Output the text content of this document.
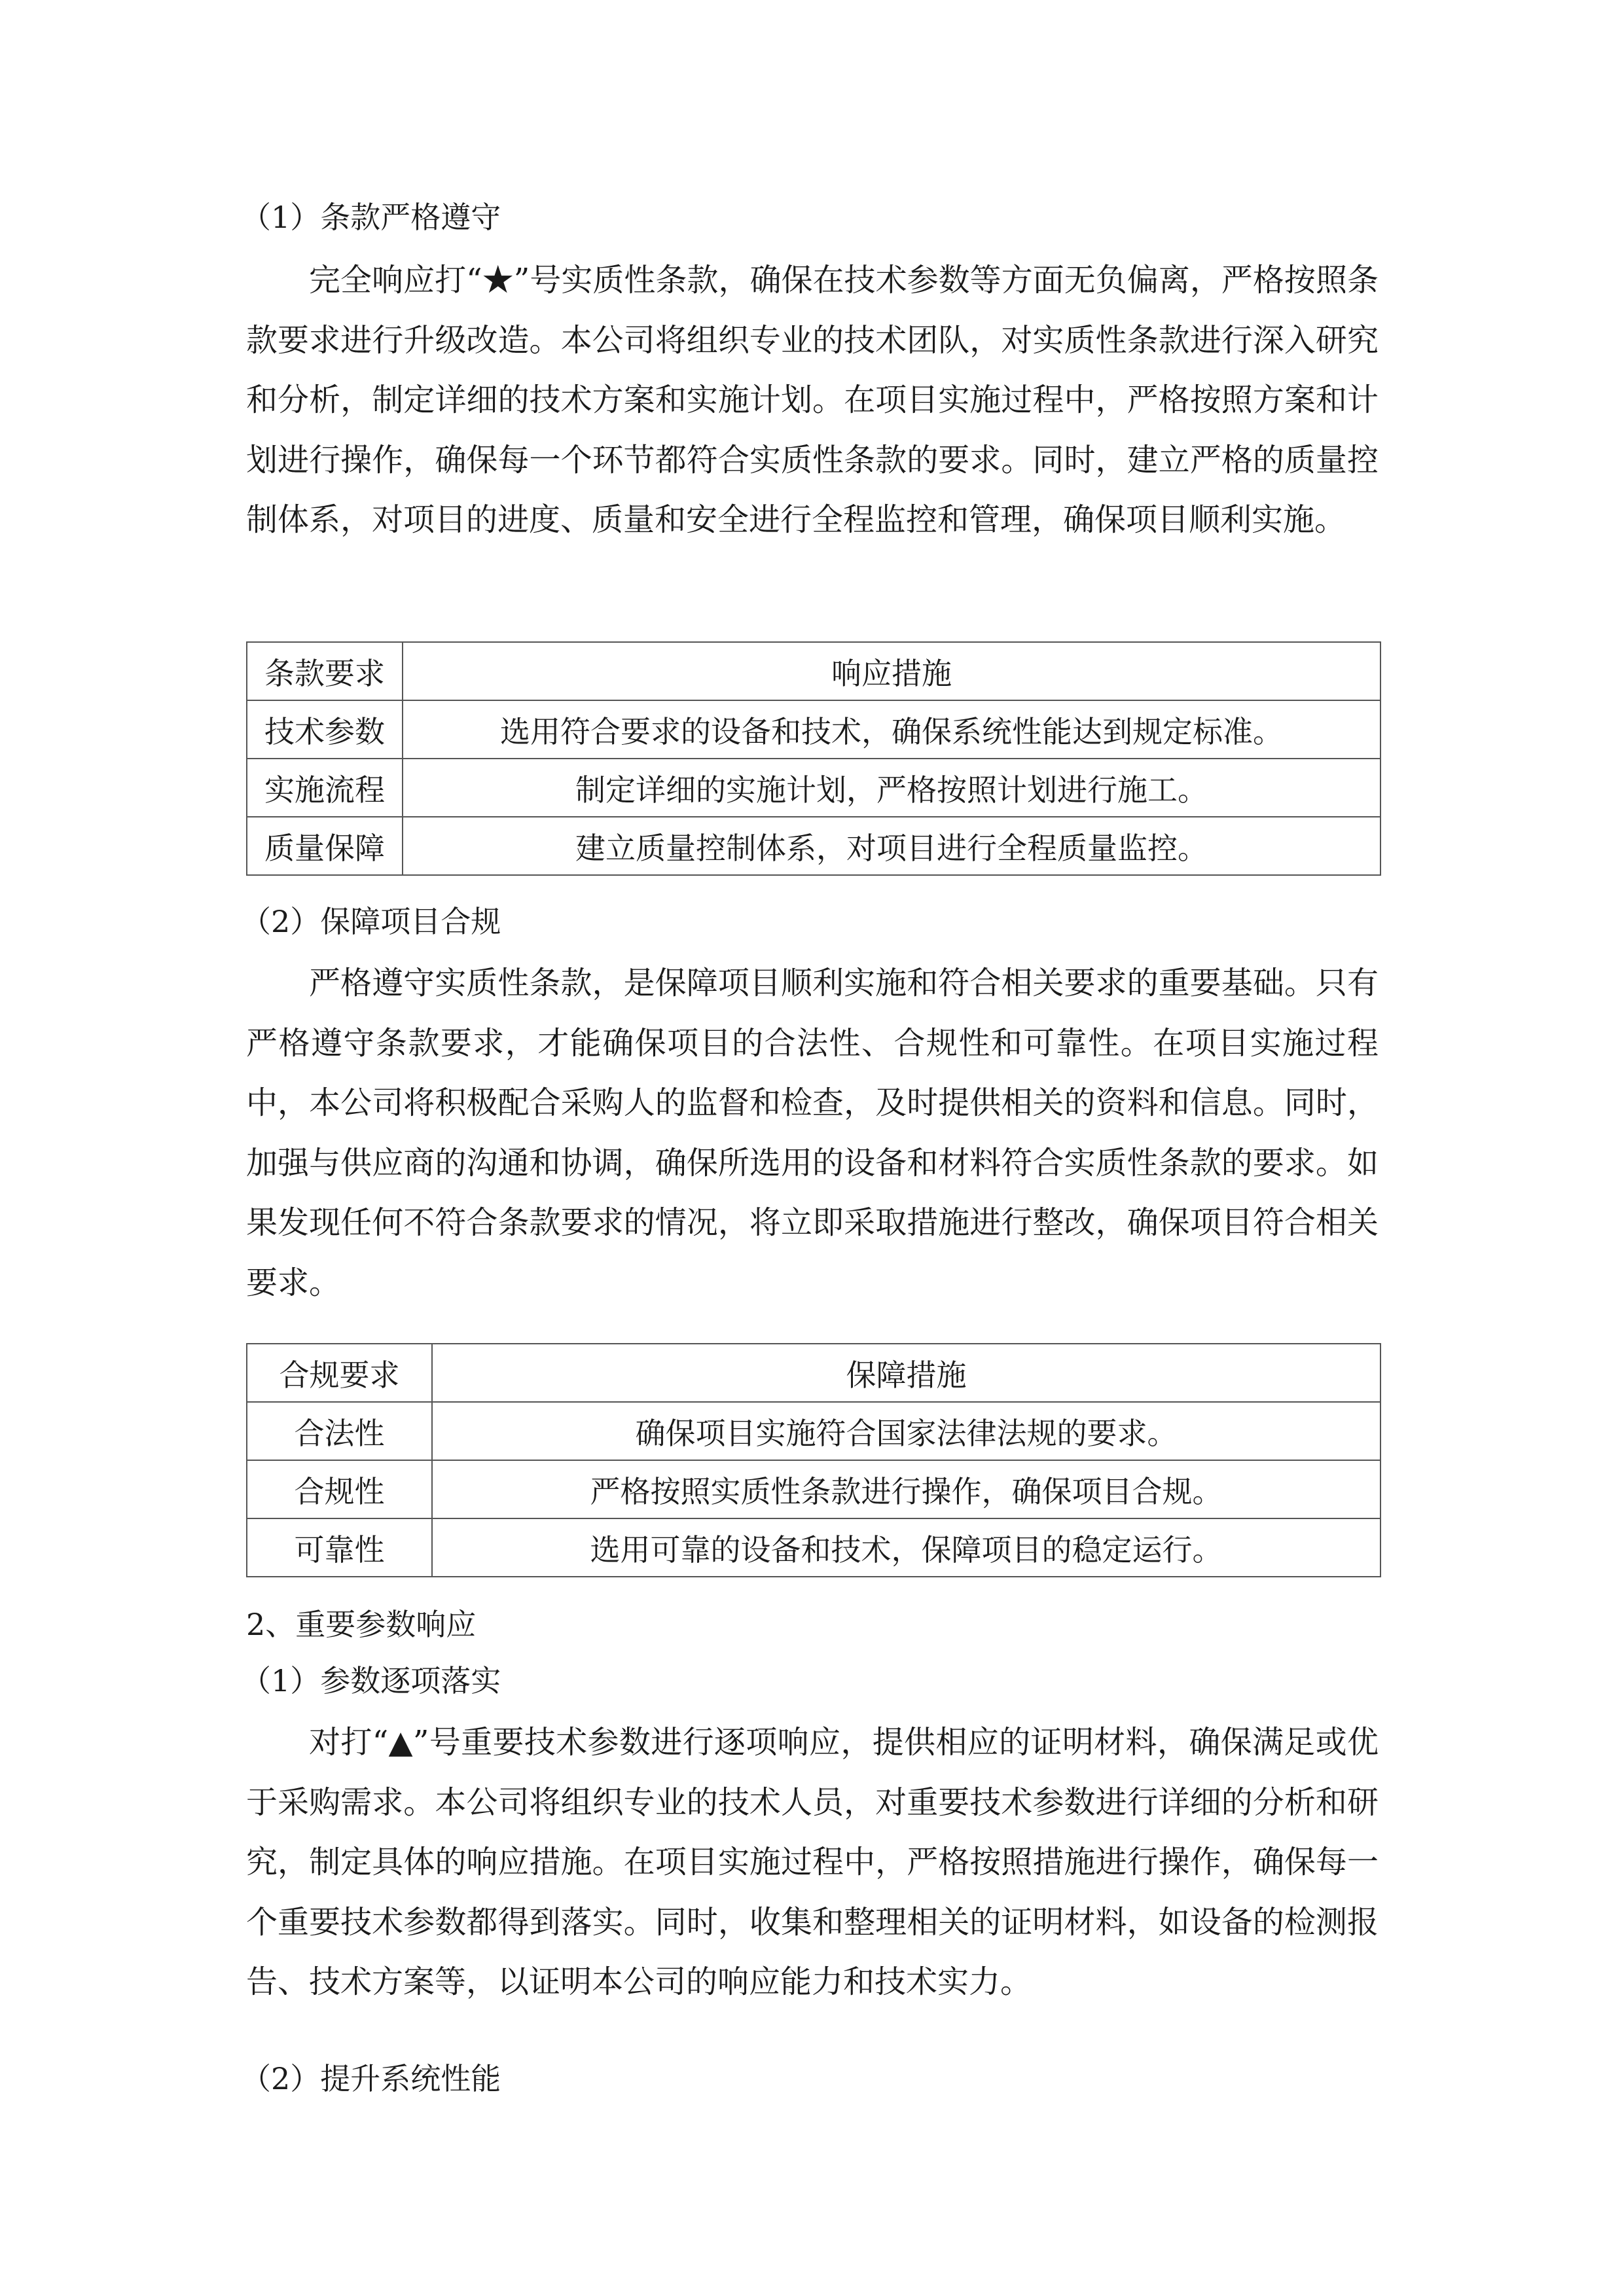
（1）条款严格遵守
完全响应打“★”号实质性条款，确保在技术参数等方面无负偏离，严格按照条款要求进行升级改造。本公司将组织专业的技术团队，对实质性条款进行深入研究和分析，制定详细的技术方案和实施计划。在项目实施过程中，严格按照方案和计划进行操作，确保每一个环节都符合实质性条款的要求。同时，建立严格的质量控制体系，对项目的进度、质量和安全进行全程监控和管理，确保项目顺利实施。
条款要求	响应措施
技术参数	选用符合要求的设备和技术，确保系统性能达到规定标准。
实施流程	制定详细的实施计划，严格按照计划进行施工。
质量保障	建立质量控制体系，对项目进行全程质量监控。
（2）保障项目合规
严格遵守实质性条款，是保障项目顺利实施和符合相关要求的重要基础。只有严格遵守条款要求，才能确保项目的合法性、合规性和可靠性。在项目实施过程中，本公司将积极配合采购人的监督和检查，及时提供相关的资料和信息。同时，加强与供应商的沟通和协调，确保所选用的设备和材料符合实质性条款的要求。如果发现任何不符合条款要求的情况，将立即采取措施进行整改，确保项目符合相关要求。
合规要求	保障措施
合法性	确保项目实施符合国家法律法规的要求。
合规性	严格按照实质性条款进行操作，确保项目合规。
可靠性	选用可靠的设备和技术，保障项目的稳定运行。
2、重要参数响应
（1）参数逐项落实
对打“▲”号重要技术参数进行逐项响应，提供相应的证明材料，确保满足或优于采购需求。本公司将组织专业的技术人员，对重要技术参数进行详细的分析和研究，制定具体的响应措施。在项目实施过程中，严格按照措施进行操作，确保每一个重要技术参数都得到落实。同时，收集和整理相关的证明材料，如设备的检测报告、技术方案等，以证明本公司的响应能力和技术实力。
（2）提升系统性能
